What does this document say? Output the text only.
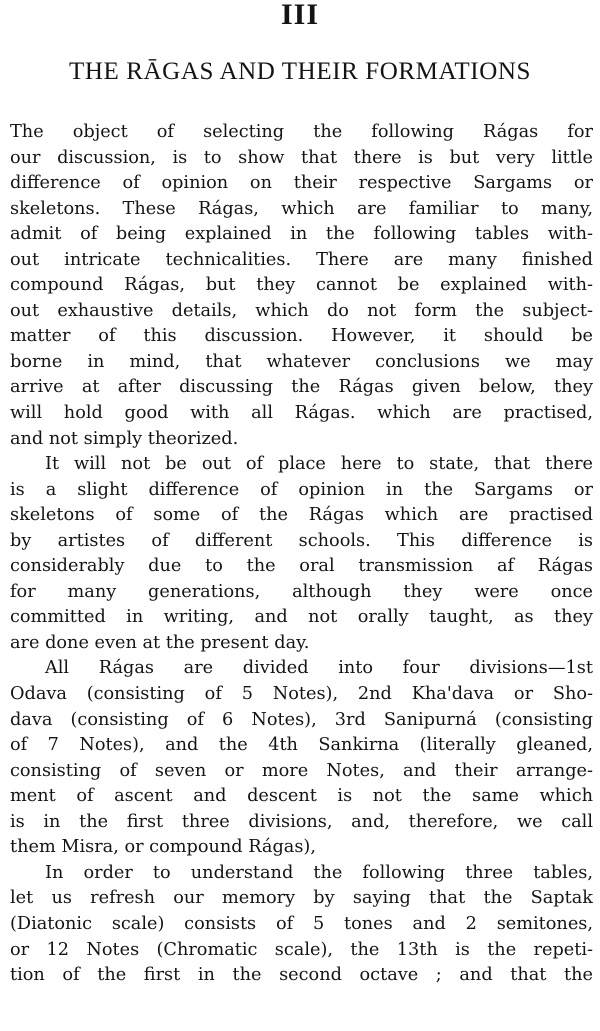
III
THE RĀGAS AND THEIR FORMATIONS
The object of selecting the following Rágas for
our discussion, is to show that there is but very little
difference of opinion on their respective Sargams or
skeletons. These Rágas, which are familiar to many,
admit of being explained in the following tables with-
out intricate technicalities. There are many finished
compound Rágas, but they cannot be explained with-
out exhaustive details, which do not form the subject-
matter of this discussion. However, it should be
borne in mind, that whatever conclusions we may
arrive at after discussing the Rágas given below, they
will hold good with all Rágas. which are practised,
and not simply theorized.
It will not be out of place here to state, that there
is a slight difference of opinion in the Sargams or
skeletons of some of the Rágas which are practised
by artistes of different schools. This difference is
considerably due to the oral transmission af Rágas
for many generations, although they were once
committed in writing, and not orally taught, as they
are done even at the present day.
All Rágas are divided into four divisions—1st
Odava (consisting of 5 Notes), 2nd Kha'dava or Sho-
dava (consisting of 6 Notes), 3rd Sanipurná (consisting
of 7 Notes), and the 4th Sankirna (literally gleaned,
consisting of seven or more Notes, and their arrange-
ment of ascent and descent is not the same which
is in the first three divisions, and, therefore, we call
them Misra, or compound Rágas),
In order to understand the following three tables,
let us refresh our memory by saying that the Saptak
(Diatonic scale) consists of 5 tones and 2 semitones,
or 12 Notes (Chromatic scale), the 13th is the repeti-
tion of the first in the second octave ; and that the
